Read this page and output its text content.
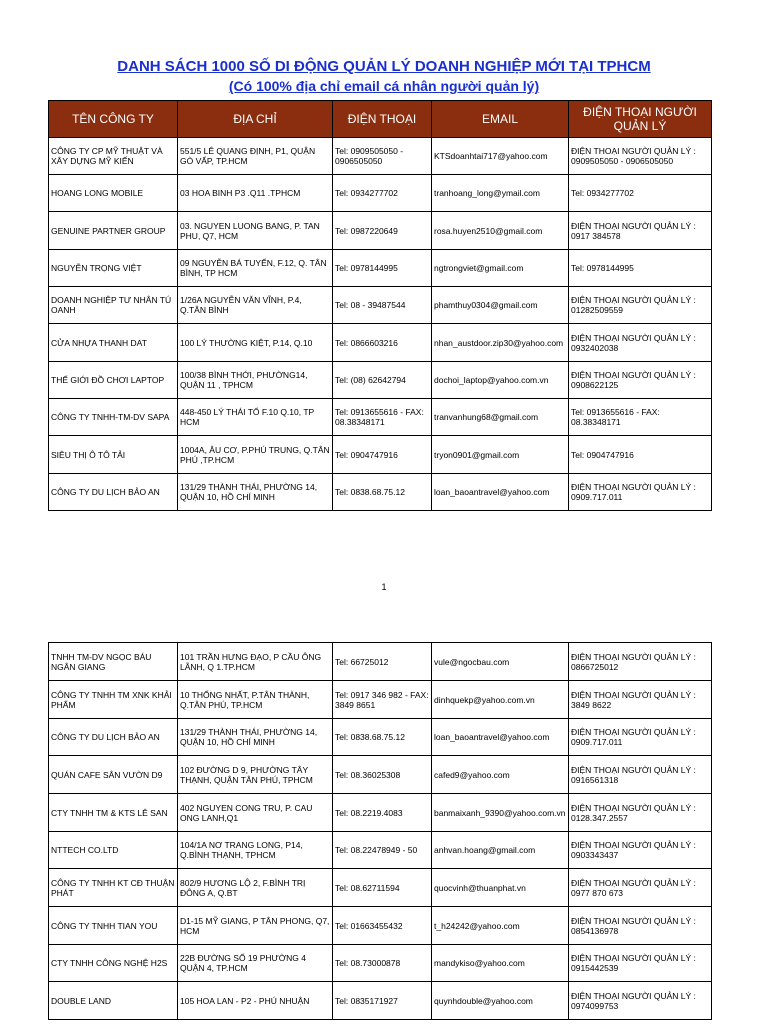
DANH SÁCH 1000 SỐ DI ĐỘNG QUẢN LÝ DOANH NGHIỆP MỚI TẠI TPHCM
(Có 100% địa chỉ email cá nhân người quản lý)
TÊN CÔNG TY	ĐỊA CHỈ	ĐIỆN THOẠI	EMAIL	ĐIỆN THOẠI NGƯỜI QUẢN LÝ
CÔNG TY CP MỸ THUẬT VÀ XÂY DỰNG MỸ KIẾN	551/5 LÊ QUANG ĐỊNH, P1, QUẬN GÒ VẤP, TP.HCM	Tel: 0909505050 - 0906505050	KTSdoanhtai717@yahoo.com	ĐIỆN THOẠI NGƯỜI QUẢN LÝ : 0909505050 - 0906505050
HOANG LONG MOBILE	03 HOA BINH P3 .Q11 .TPHCM	Tel: 0934277702	tranhoang_long@ymail.com	Tel: 0934277702
GENUINE PARTNER GROUP	03. NGUYEN LUONG BANG, P. TAN PHU, Q7, HCM	Tel: 0987220649	rosa.huyen2510@gmail.com	ĐIỆN THOẠI NGƯỜI QUẢN LÝ : 0917 384578
NGUYỄN TRỌNG VIỆT	09 NGUYỄN BÁ TUYỂN, F.12, Q. TÂN BÌNH, TP HCM	Tel: 0978144995	ngtrongviet@gmail.com	Tel: 0978144995
DOANH NGHIỆP TƯ NHÂN TÚ OANH	1/26A NGUYỄN VĂN VĨNH, P.4, Q.TÂN BÌNH	Tel: 08 - 39487544	phamthuy0304@gmail.com	ĐIỆN THOẠI NGƯỜI QUẢN LÝ : 01282509559
CỬA NHỰA THANH DAT	100 LÝ THƯỜNG KIỆT, P.14, Q.10	Tel: 0866603216	nhan_austdoor.zip30@yahoo.com	ĐIỆN THOẠI NGƯỜI QUẢN LÝ : 0932402038
THẾ GIỚI ĐỒ CHƠI LAPTOP	100/38 BÌNH THỚI, PHƯỜNG14, QUẬN 11 , TPHCM	Tel: (08) 62642794	dochoi_laptop@yahoo.com.vn	ĐIỆN THOẠI NGƯỜI QUẢN LÝ : 0908622125
CÔNG TY TNHH-TM-DV SAPA	448-450 LÝ THÁI TỔ F.10 Q.10, TP HCM	Tel: 0913655616 - FAX: 08.38348171	tranvanhung68@gmail.com	Tel: 0913655616 - FAX: 08.38348171
SIÊU THỊ Ô TÔ TẢI	1004A, ÂU CƠ, P.PHÚ TRUNG, Q.TÂN PHÚ ,TP.HCM	Tel: 0904747916	tryon0901@gmail.com	Tel: 0904747916
CÔNG TY DU LỊCH BẢO AN	131/29 THÀNH THÁI, PHƯỜNG 14, QUẬN 10, HỒ CHÍ MINH	Tel: 0838.68.75.12	loan_baoantravel@yahoo.com	ĐIỆN THOẠI NGƯỜI QUẢN LÝ : 0909.717.011
1
TNHH TM-DV NGỌC BÁU NGÂN GIANG	101 TRẦN HƯNG ĐẠO, P CẦU ÔNG LÃNH, Q 1.TP.HCM	Tel: 66725012	vule@ngocbau.com	ĐIỆN THOẠI NGƯỜI QUẢN LÝ : 0866725012
CÔNG TY TNHH TM XNK KHẢI PHẨM	10 THỐNG NHẤT, P.TÂN THÀNH, Q.TÂN PHÚ, TP.HCM	Tel: 0917 346 982 - FAX: 3849 8651	dinhquekp@yahoo.com.vn	ĐIỆN THOẠI NGƯỜI QUẢN LÝ : 3849 8622
CÔNG TY DU LỊCH BẢO AN	131/29 THÀNH THÁI, PHƯỜNG 14, QUẬN 10, HỒ CHÍ MINH	Tel: 0838.68.75.12	loan_baoantravel@yahoo.com	ĐIỆN THOẠI NGƯỜI QUẢN LÝ : 0909.717.011
QUÁN CAFE SÂN VƯỜN D9	102 ĐƯỜNG D 9, PHƯỜNG TÂY THẠNH, QUẬN TÂN PHÚ, TPHCM	Tel: 08.36025308	cafed9@yahoo.com	ĐIỆN THOẠI NGƯỜI QUẢN LÝ : 0916561318
CTY TNHH TM & KTS LÊ SAN	402 NGUYEN CONG TRU, P. CAU ONG LANH,Q1	Tel: 08.2219.4083	banmaixanh_9390@yahoo.com.vn	ĐIỆN THOẠI NGƯỜI QUẢN LÝ : 0128.347.2557
NTTECH CO.LTD	104/1A NƠ TRANG LONG, P14, Q.BÌNH THẠNH, TPHCM	Tel: 08.22478949 - 50	anhvan.hoang@gmail.com	ĐIỆN THOẠI NGƯỜI QUẢN LÝ : 0903343437
CÔNG TY TNHH KT CĐ THUẬN PHÁT	802/9 HƯƠNG LỘ 2, F.BÌNH TRỊ ĐÔNG A, Q.BT	Tel: 08.62711594	quocvinh@thuanphat.vn	ĐIỆN THOẠI NGƯỜI QUẢN LÝ : 0977 870 673
CÔNG TY TNHH TIAN YOU	D1-15 MỸ GIANG, P TÂN PHONG, Q7, HCM	Tel: 01663455432	t_h24242@yahoo.com	ĐIỆN THOẠI NGƯỜI QUẢN LÝ : 0854136978
CTY TNHH CÔNG NGHỆ H2S	22B ĐƯỜNG SỐ 19 PHƯỜNG 4 QUẬN 4, TP.HCM	Tel: 08.73000878	mandykiso@yahoo.com	ĐIỆN THOẠI NGƯỜI QUẢN LÝ : 0915442539
DOUBLE LAND	105 HOA LAN - P2 - PHÚ NHUẬN	Tel: 0835171927	quynhdouble@yahoo.com	ĐIỆN THOẠI NGƯỜI QUẢN LÝ : 0974099753
